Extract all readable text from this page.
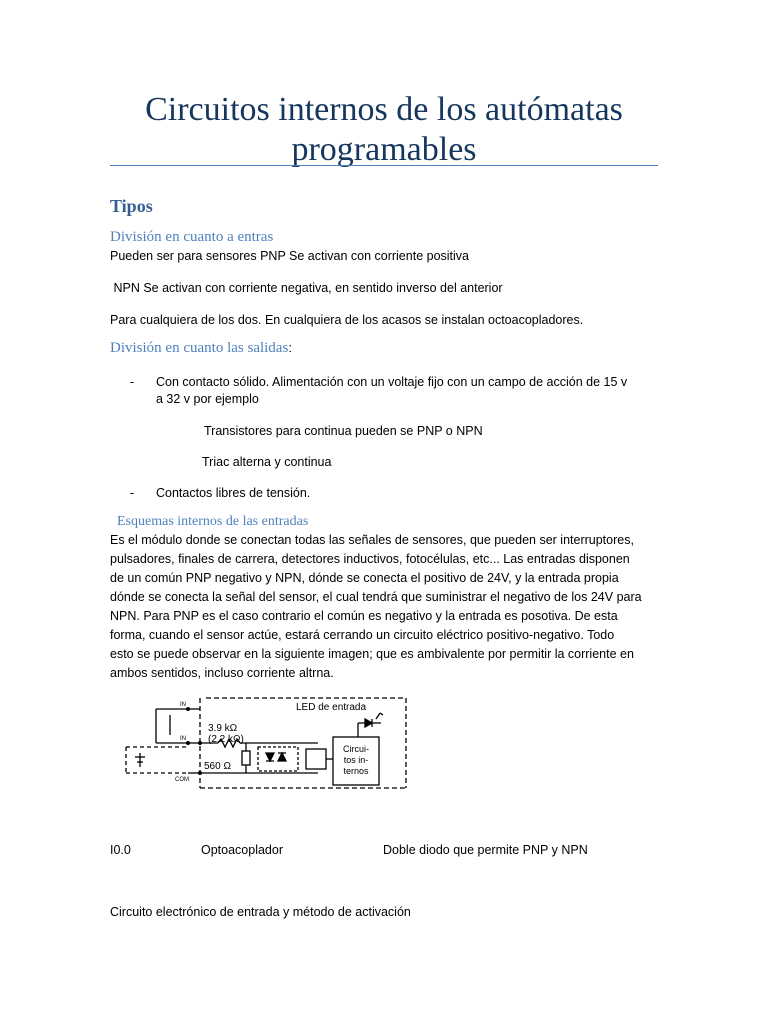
Circuitos internos de los autómatas programables
Tipos
División en cuanto a entras

Pueden ser para sensores PNP Se activan con corriente positiva

NPN Se activan con corriente negativa, en sentido inverso del anterior

Para cualquiera de los dos. En cualquiera de los acasos se instalan octoacopladores.

División en cuanto las salidas:
- Con contacto sólido. Alimentación con un voltaje fijo con un campo de acción de 15 v

a 32 v por ejemplo

Transistores para continua pueden se PNP o NPN

Triac alterna y continua

- Contactos libres de tensión.

Esquemas internos de las entradas

Es el módulo donde se conectan todas las señales de sensores, que pueden ser interruptores,

pulsadores, finales de carrera, detectores inductivos, fotocélulas, etc... Las entradas disponen

de un común PNP negativo y NPN, dónde se conecta el positivo de 24V, y la entrada propia

dónde se conecta la señal del sensor, el cual tendrá que suministrar el negativo de los 24V para

NPN. Para PNP es el caso contrario el común es negativo y la entrada es posotiva. De esta

forma, cuando el sensor actúe, estará cerrando un circuito eléctrico positivo-negativo. Todo

esto se puede observar en la siguiente imagen; que es ambivalente por permitir la corriente en

ambos sentidos, incluso corriente altrna.

IN
IN
COM
LED de entrada
3.9 kΩ
(2.2 kΩ)
560 Ω
Circui-
tos in-
ternos

I0.0	Optoacoplador	Doble diodo que permite PNP y NPN

Circuito electrónico de entrada y método de activación
